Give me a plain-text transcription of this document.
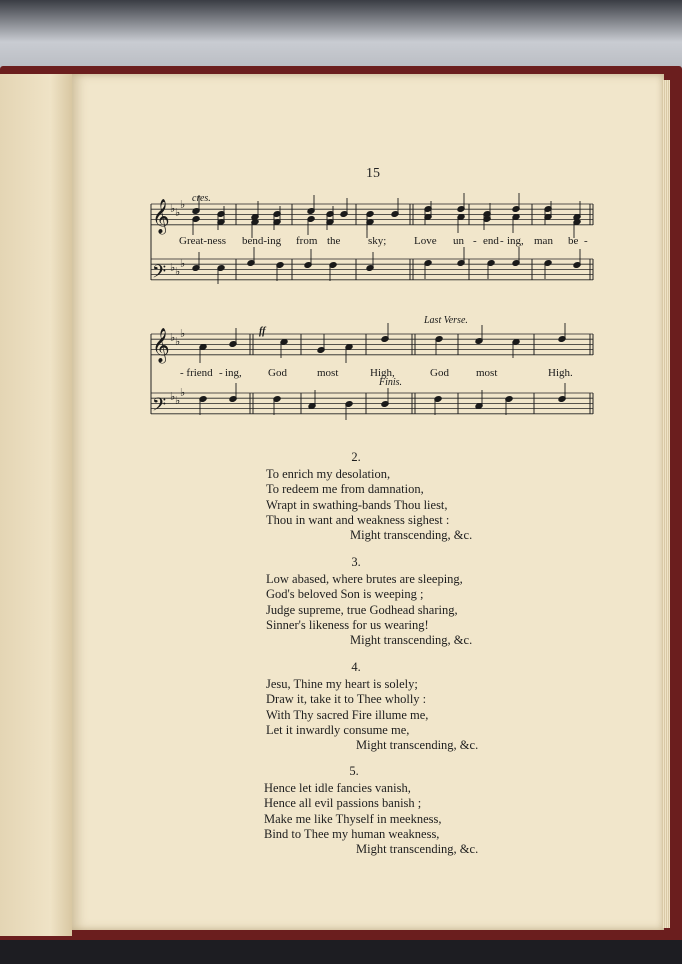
15
𝄞
𝄢
𝄞
𝄢
♭ ♭
♭
♭ ♭
♭
♭ ♭
♭
♭ ♭
♭
cres.
ff
Last Verse.
Finis.
Great-ness bend-ing from the	sky;	Love un - end - ing, man be -
- friend - ing, God	most	High,	God most	High.
2.
To enrich my desolation,
To redeem me from damnation,
Wrapt in swathing-bands Thou liest,
Thou in want and weakness sighest :
Might transcending, &c.
3.
Low abased, where brutes are sleeping,
God's beloved Son is weeping ;
Judge supreme, true Godhead sharing,
Sinner's likeness for us wearing!
Might transcending, &c.
4.
Jesu, Thine my heart is solely;
Draw it, take it to Thee wholly :
With Thy sacred Fire illume me,
Let it inwardly consume me,
Might transcending, &c.
5.
Hence let idle fancies vanish,
Hence all evil passions banish ;
Make me like Thyself in meekness,
Bind to Thee my human weakness,
Might transcending, &c.
